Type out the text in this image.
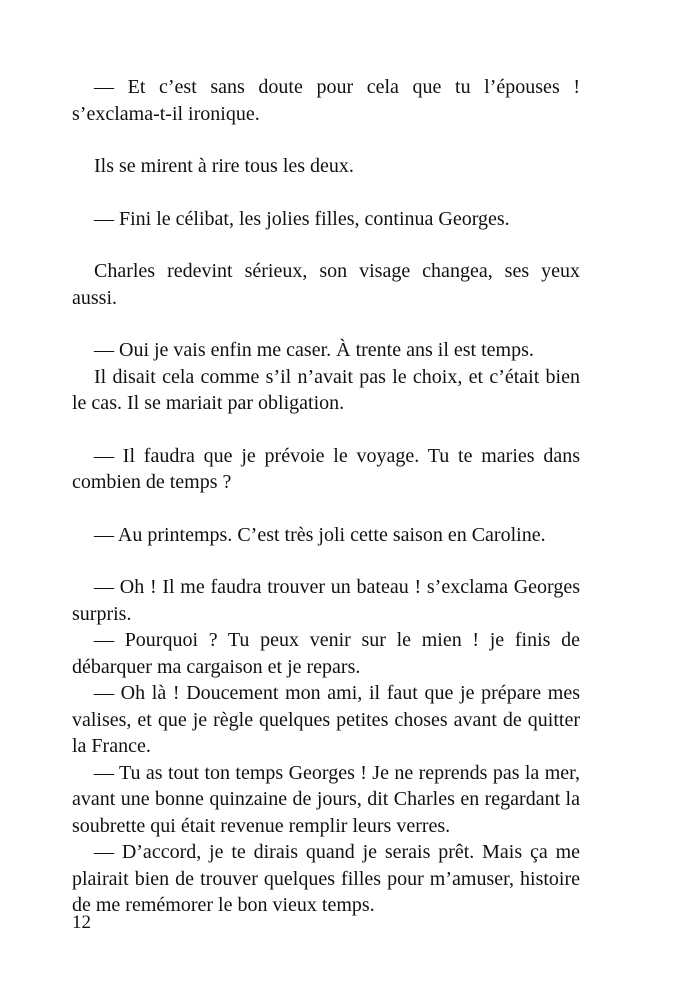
— Et c’est sans doute pour cela que tu l’épouses ! s’exclama-t-il ironique.

Ils se mirent à rire tous les deux.

— Fini le célibat, les jolies filles, continua Georges.

Charles redevint sérieux, son visage changea, ses yeux aussi.

— Oui je vais enfin me caser. À trente ans il est temps.

Il disait cela comme s’il n’avait pas le choix, et c’était bien le cas. Il se mariait par obligation.

— Il faudra que je prévoie le voyage. Tu te maries dans combien de temps ?

— Au printemps. C’est très joli cette saison en Caroline.

— Oh ! Il me faudra trouver un bateau ! s’exclama Georges surpris.

— Pourquoi ? Tu peux venir sur le mien ! je finis de débarquer ma cargaison et je repars.

— Oh là ! Doucement mon ami, il faut que je prépare mes valises, et que je règle quelques petites choses avant de quitter la France.

— Tu as tout ton temps Georges ! Je ne reprends pas la mer, avant une bonne quinzaine de jours, dit Charles en regardant la soubrette qui était revenue remplir leurs verres.

— D’accord, je te dirais quand je serais prêt. Mais ça me plairait bien de trouver quelques filles pour m’amuser, histoire de me remémorer le bon vieux temps.

12
